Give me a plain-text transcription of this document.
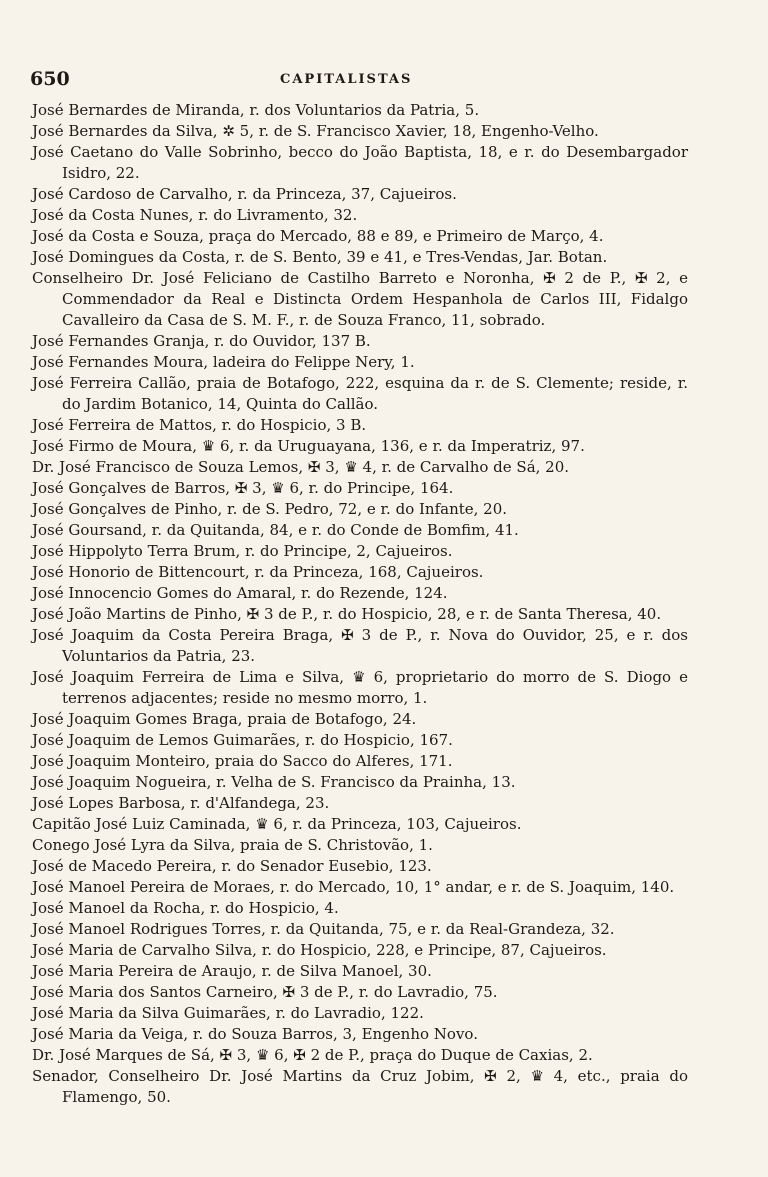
650	CAPITALISTAS

José Bernardes de Miranda, r. dos Voluntarios da Patria, 5.

José Bernardes da Silva, ✲ 5, r. de S. Francisco Xavier, 18, Engenho-Velho.

José Caetano do Valle Sobrinho, becco do João Baptista, 18, e r. do Desembargador Isidro, 22.

José Cardoso de Carvalho, r. da Princeza, 37, Cajueiros.

José da Costa Nunes, r. do Livramento, 32.

José da Costa e Souza, praça do Mercado, 88 e 89, e Primeiro de Março, 4.

José Domingues da Costa, r. de S. Bento, 39 e 41, e Tres-Vendas, Jar. Botan.

Conselheiro Dr. José Feliciano de Castilho Barreto e Noronha, ✠ 2 de P., ✠ 2, e Commendador da Real e Distincta Ordem Hespanhola de Carlos III, Fidalgo Cavalleiro da Casa de S. M. F., r. de Souza Franco, 11, sobrado.

José Fernandes Granja, r. do Ouvidor, 137 B.

José Fernandes Moura, ladeira do Felippe Nery, 1.

José Ferreira Callão, praia de Botafogo, 222, esquina da r. de S. Clemente; reside, r. do Jardim Botanico, 14, Quinta do Callão.

José Ferreira de Mattos, r. do Hospicio, 3 B.

José Firmo de Moura, ♛ 6, r. da Uruguayana, 136, e r. da Imperatriz, 97.

Dr. José Francisco de Souza Lemos, ✠ 3, ♛ 4, r. de Carvalho de Sá, 20.

José Gonçalves de Barros, ✠ 3, ♛ 6, r. do Principe, 164.

José Gonçalves de Pinho, r. de S. Pedro, 72, e r. do Infante, 20.

José Goursand, r. da Quitanda, 84, e r. do Conde de Bomfim, 41.

José Hippolyto Terra Brum, r. do Principe, 2, Cajueiros.

José Honorio de Bittencourt, r. da Princeza, 168, Cajueiros.

José Innocencio Gomes do Amaral, r. do Rezende, 124.

José João Martins de Pinho, ✠ 3 de P., r. do Hospicio, 28, e r. de Santa Theresa, 40.

José Joaquim da Costa Pereira Braga, ✠ 3 de P., r. Nova do Ouvidor, 25, e r. dos Voluntarios da Patria, 23.

José Joaquim Ferreira de Lima e Silva, ♛ 6, proprietario do morro de S. Diogo e terrenos adjacentes; reside no mesmo morro, 1.

José Joaquim Gomes Braga, praia de Botafogo, 24.

José Joaquim de Lemos Guimarães, r. do Hospicio, 167.

José Joaquim Monteiro, praia do Sacco do Alferes, 171.

José Joaquim Nogueira, r. Velha de S. Francisco da Prainha, 13.

José Lopes Barbosa, r. d'Alfandega, 23.

Capitão José Luiz Caminada, ♛ 6, r. da Princeza, 103, Cajueiros.

Conego José Lyra da Silva, praia de S. Christovão, 1.

José de Macedo Pereira, r. do Senador Eusebio, 123.

José Manoel Pereira de Moraes, r. do Mercado, 10, 1° andar, e r. de S. Joaquim, 140.

José Manoel da Rocha, r. do Hospicio, 4.

José Manoel Rodrigues Torres, r. da Quitanda, 75, e r. da Real-Grandeza, 32.

José Maria de Carvalho Silva, r. do Hospicio, 228, e Principe, 87, Cajueiros.

José Maria Pereira de Araujo, r. de Silva Manoel, 30.

José Maria dos Santos Carneiro, ✠ 3 de P., r. do Lavradio, 75.

José Maria da Silva Guimarães, r. do Lavradio, 122.

José Maria da Veiga, r. do Souza Barros, 3, Engenho Novo.

Dr. José Marques de Sá, ✠ 3, ♛ 6, ✠ 2 de P., praça do Duque de Caxias, 2.

Senador, Conselheiro Dr. José Martins da Cruz Jobim, ✠ 2, ♛ 4, etc., praia do Flamengo, 50.
